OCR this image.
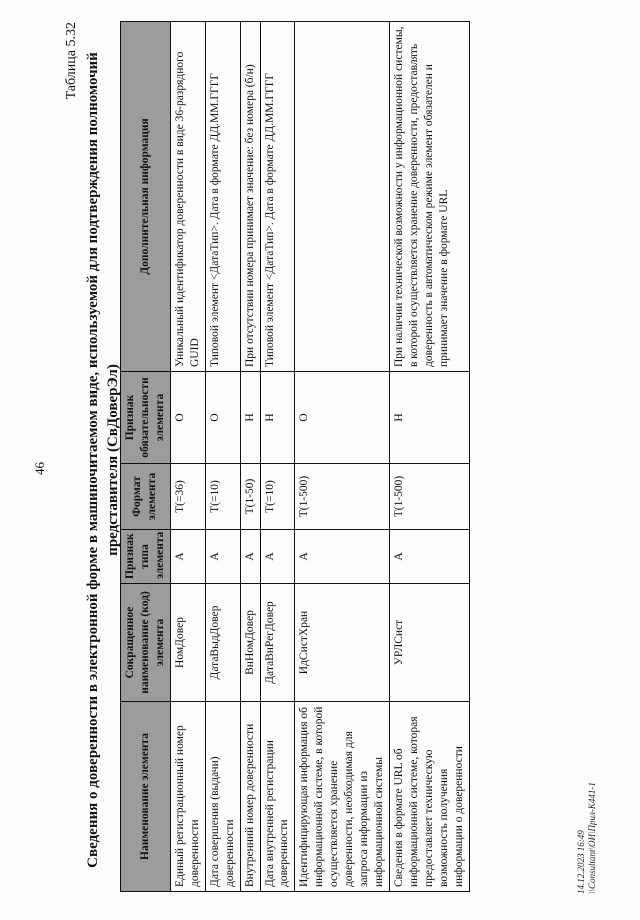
46
Таблица 5.32 Сведения о доверенности в электронной форме в машиночитаемом виде, используемой для подтверждения полномочий представителя (СвДоверЭл)
Наименование элемента	Сокращенное наименование (код) элемента	Признак типа элемента	Формат элемента	Признак обязательности элемента	Дополнительная информация
Единый регистрационный номер доверенности	НомДовер	А	T(=36)	О	Уникальный идентификатор доверенности в виде 36-разрядного GUID
Дата совершения (выдачи) доверенности	ДатаВыдДовер	А	T(=10)	О	Типовой элемент <ДатаТип>. Дата в формате ДД.ММ.ГГГГ
Внутренний номер доверенности	ВнНомДовер	А	T(1-50)	Н	При отсутствии номера принимает значение: без номера (б/н)
Дата внутренней регистрации доверенности	ДатаВнРегДовер	А	T(=10)	Н	Типовой элемент <ДатаТип>. Дата в формате ДД.ММ.ГГГГ
Идентифицирующая информация об информационной системе, в которой осуществляется хранение доверенности, необходимая для запроса информации из информационной системы	ИдСистХран	А	T(1-500)	О	
Сведения в формате URL об информационной системе, которая предоставляет техническую возможность получения информации о доверенности	УРЛСист	А	T(1-500)	Н	При наличии технической возможности у информационной системы, в которой осуществляется хранение доверенности, предоставлять доверенность в автоматическом режиме элемент обязателен и принимает значение в формате URL
14.12.2023 16:49 \\Consultant\ОИ\Прил-К441-1
